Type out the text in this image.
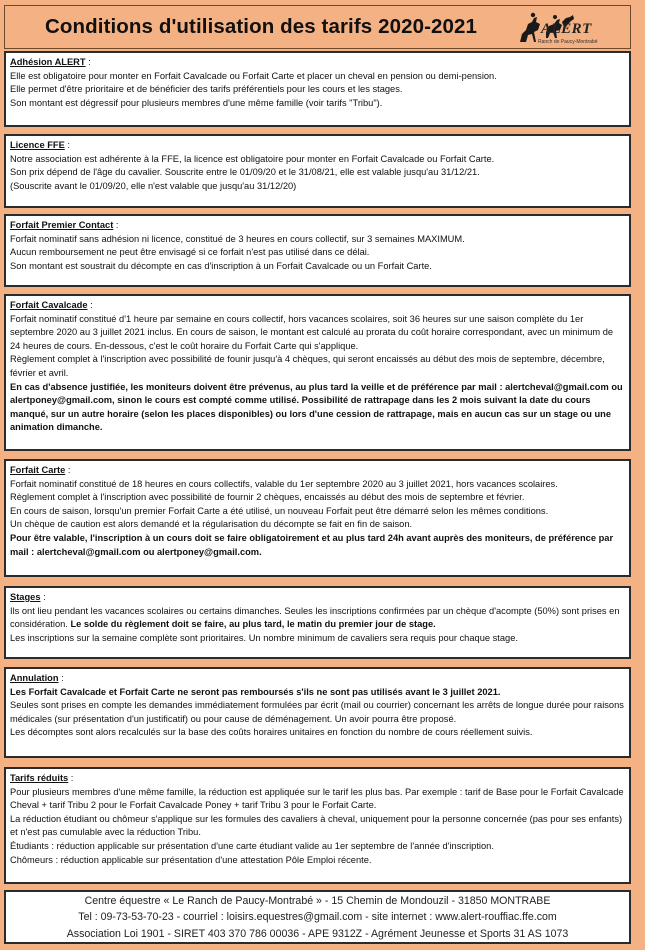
Conditions d'utilisation des tarifs 2020-2021	ALERT
Ranch de Paucy-Montrabé

Adhésion ALERT :

Elle est obligatoire pour monter en Forfait Cavalcade ou Forfait Carte et placer un cheval en pension ou demi-pension.

Elle permet d'être prioritaire et de bénéficier des tarifs préférentiels pour les cours et les stages.

Son montant est dégressif pour plusieurs membres d'une même famille (voir tarifs "Tribu").

Licence FFE :

Notre association est adhérente à la FFE, la licence est obligatoire pour monter en Forfait Cavalcade ou Forfait Carte.

Son prix dépend de l'âge du cavalier. Souscrite entre le 01/09/20 et le 31/08/21, elle est valable jusqu'au 31/12/21.

(Souscrite avant le 01/09/20, elle n'est valable que jusqu'au 31/12/20)

Forfait Premier Contact :

Forfait nominatif sans adhésion ni licence, constitué de 3 heures en cours collectif, sur 3 semaines MAXIMUM.

Aucun remboursement ne peut être envisagé si ce forfait n'est pas utilisé dans ce délai.

Son montant est soustrait du décompte en cas d'inscription à un Forfait Cavalcade ou un Forfait Carte.

Forfait Cavalcade :

Forfait nominatif constitué d'1 heure par semaine en cours collectif, hors vacances scolaires, soit 36 heures sur une saison complète du 1er septembre 2020 au 3 juillet 2021 inclus. En cours de saison, le montant est calculé au prorata du coût horaire correspondant, avec un minimum de 24 heures de cours. En-dessous, c'est le coût horaire du Forfait Carte qui s'applique.

Règlement complet à l'inscription avec possibilité de founir jusqu'à 4 chèques, qui seront encaissés au début des mois de septembre, décembre, février et avril.

En cas d'absence justifiée, les moniteurs doivent être prévenus, au plus tard la veille et de préférence par mail : alertcheval@gmail.com ou alertponey@gmail.com, sinon le cours est compté comme utilisé. Possibilité de rattrapage dans les 2 mois suivant la date du cours manqué, sur un autre horaire (selon les places disponibles) ou lors d'une cession de rattrapage, mais en aucun cas sur un stage ou une animation dimanche.

Forfait Carte :

Forfait nominatif constitué de 18 heures en cours collectifs, valable du 1er septembre 2020 au 3 juillet 2021, hors vacances scolaires.

Règlement complet à l'inscription avec possibilité de fournir 2 chèques, encaissés au début des mois de septembre et février.

En cours de saison, lorsqu'un premier Forfait Carte a été utilisé, un nouveau Forfait peut être démarré selon les mêmes conditions.

Un chèque de caution est alors demandé et la régularisation du décompte se fait en fin de saison.

Pour être valable, l'inscription à un cours doit se faire obligatoirement et au plus tard 24h avant auprès des moniteurs, de préférence par mail : alertcheval@gmail.com ou alertponey@gmail.com.

Stages :

Ils ont lieu pendant les vacances scolaires ou certains dimanches. Seules les inscriptions confirmées par un chèque d'acompte (50%) sont prises en considération. Le solde du règlement doit se faire, au plus tard, le matin du premier jour de stage.

Les inscriptions sur la semaine complète sont prioritaires. Un nombre minimum de cavaliers sera requis pour chaque stage.

Annulation :

Les Forfait Cavalcade et Forfait Carte ne seront pas remboursés s'ils ne sont pas utilisés avant le 3 juillet 2021.

Seules sont prises en compte les demandes immédiatement formulées par écrit (mail ou courrier) concernant les arrêts de longue durée pour raisons médicales (sur présentation d'un justificatif) ou pour cause de déménagement. Un avoir pourra être proposé.

Les décomptes sont alors recalculés sur la base des coûts horaires unitaires en fonction du nombre de cours réellement suivis.

Tarifs réduits :

Pour plusieurs membres d'une même famille, la réduction est appliquée sur le tarif les plus bas. Par exemple : tarif de Base pour le Forfait Cavalcade Cheval + tarif Tribu 2 pour le Forfait Cavalcade Poney + tarif Tribu 3 pour le Forfait Carte.

La réduction étudiant ou chômeur s'applique sur les formules des cavaliers à cheval, uniquement pour la personne concernée (pas pour ses enfants) et n'est pas cumulable avec la réduction Tribu.

Étudiants : réduction applicable sur présentation d'une carte étudiant valide au 1er septembre de l'année d'inscription.

Chômeurs : réduction applicable sur présentation d'une attestation Pôle Emploi récente.

Centre équestre « Le Ranch de Paucy-Montrabé » - 15 Chemin de Mondouzil - 31850 MONTRABE
Tel : 09-73-53-70-23 - courriel : loisirs.equestres@gmail.com - site internet : www.alert-rouffiac.ffe.com
Association Loi 1901 - SIRET 403 370 786 00036 - APE 9312Z - Agrément Jeunesse et Sports 31 AS 1073
